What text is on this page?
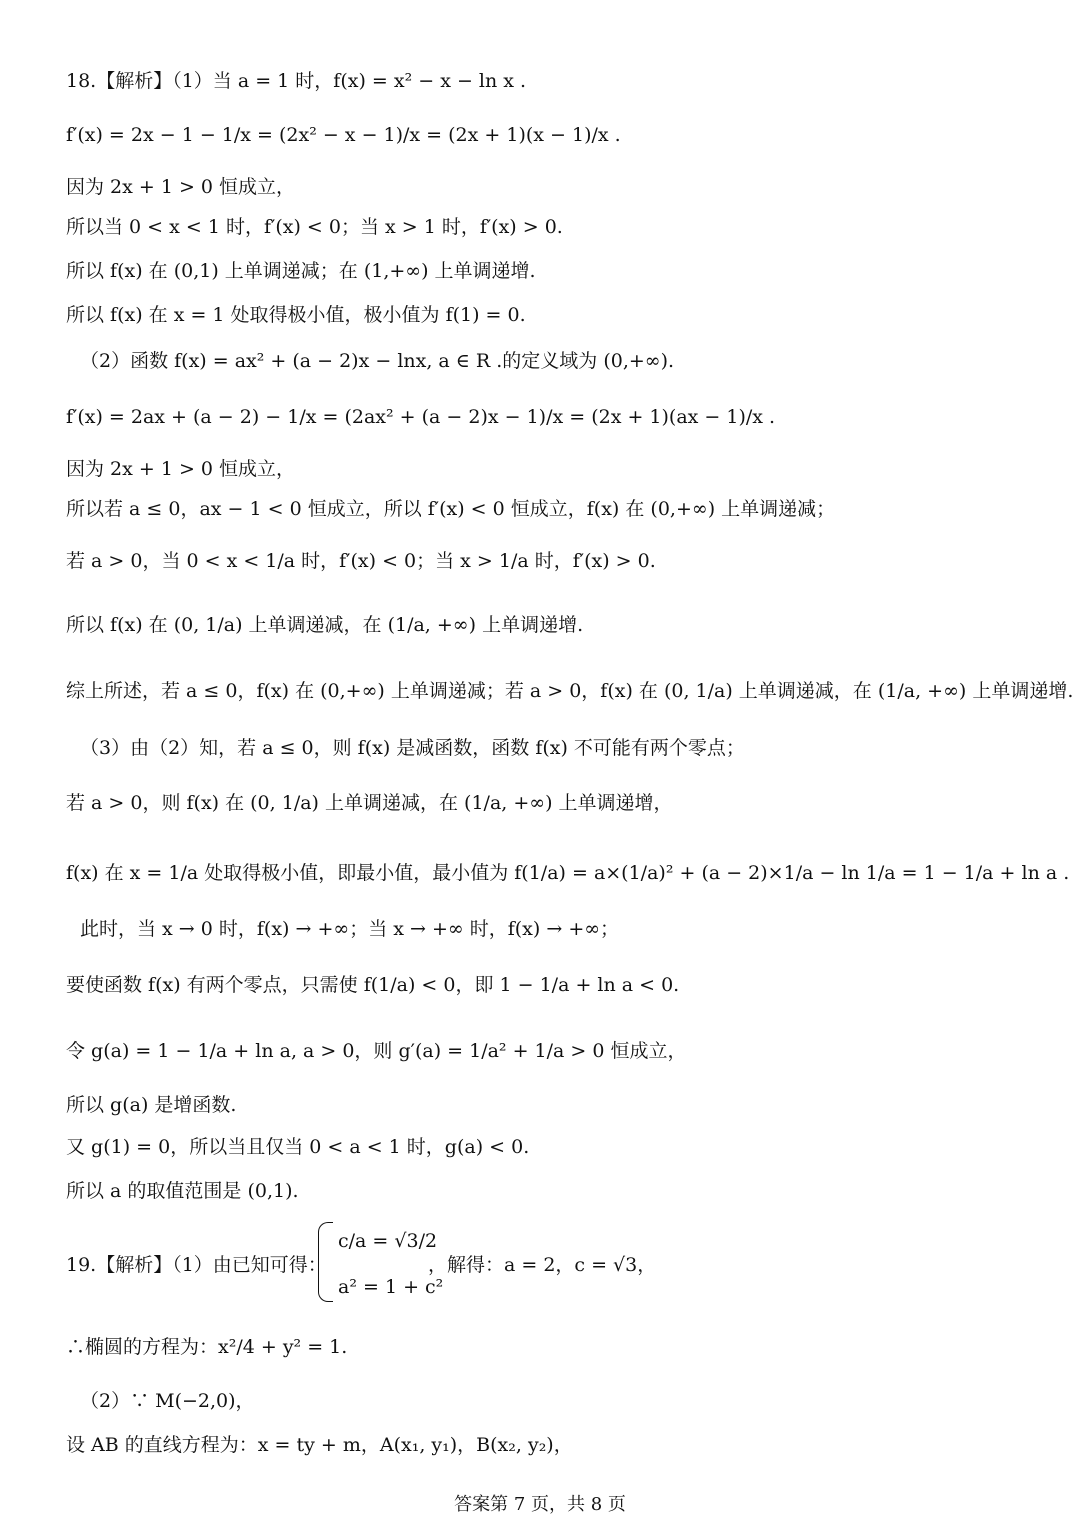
18.【解析】（1）当 a = 1 时，f(x) = x² − x − ln x .
f′(x) = 2x − 1 − 1/x = (2x² − x − 1)/x = (2x + 1)(x − 1)/x .
因为 2x + 1 > 0 恒成立，
所以当 0 < x < 1 时，f′(x) < 0；当 x > 1 时，f′(x) > 0.
所以 f(x) 在 (0,1) 上单调递减；在 (1,+∞) 上单调递增.
所以 f(x) 在 x = 1 处取得极小值，极小值为 f(1) = 0.
（2）函数 f(x) = ax² + (a − 2)x − lnx, a ∈ R .的定义域为 (0,+∞).
f′(x) = 2ax + (a − 2) − 1/x = (2ax² + (a − 2)x − 1)/x = (2x + 1)(ax − 1)/x .
因为 2x + 1 > 0 恒成立，
所以若 a ≤ 0，ax − 1 < 0 恒成立，所以 f′(x) < 0 恒成立，f(x) 在 (0,+∞) 上单调递减；
若 a > 0，当 0 < x < 1/a 时，f′(x) < 0；当 x > 1/a 时，f′(x) > 0.
所以 f(x) 在 (0, 1/a) 上单调递减，在 (1/a, +∞) 上单调递增.
综上所述，若 a ≤ 0，f(x) 在 (0,+∞) 上单调递减；若 a > 0，f(x) 在 (0, 1/a) 上单调递减，在 (1/a, +∞) 上单调递增.
（3）由（2）知，若 a ≤ 0，则 f(x) 是减函数，函数 f(x) 不可能有两个零点；
若 a > 0，则 f(x) 在 (0, 1/a) 上单调递减，在 (1/a, +∞) 上单调递增，
f(x) 在 x = 1/a 处取得极小值，即最小值，最小值为 f(1/a) = a×(1/a)² + (a − 2)×1/a − ln 1/a = 1 − 1/a + ln a .
此时，当 x → 0 时，f(x) → +∞；当 x → +∞ 时，f(x) → +∞；
要使函数 f(x) 有两个零点，只需使 f(1/a) < 0，即 1 − 1/a + ln a < 0.
令 g(a) = 1 − 1/a + ln a, a > 0，则 g′(a) = 1/a² + 1/a > 0 恒成立，
所以 g(a) 是增函数.
又 g(1) = 0，所以当且仅当 0 < a < 1 时，g(a) < 0.
所以 a 的取值范围是 (0,1).
19.【解析】（1）由已知可得：
c/a = √3/2
a² = 1 + c²
，解得：a = 2，c = √3，
∴椭圆的方程为：x²/4 + y² = 1.
（2）∵ M(−2,0)，
设 AB 的直线方程为：x = ty + m，A(x₁, y₁)，B(x₂, y₂)，
答案第 7 页，共 8 页
